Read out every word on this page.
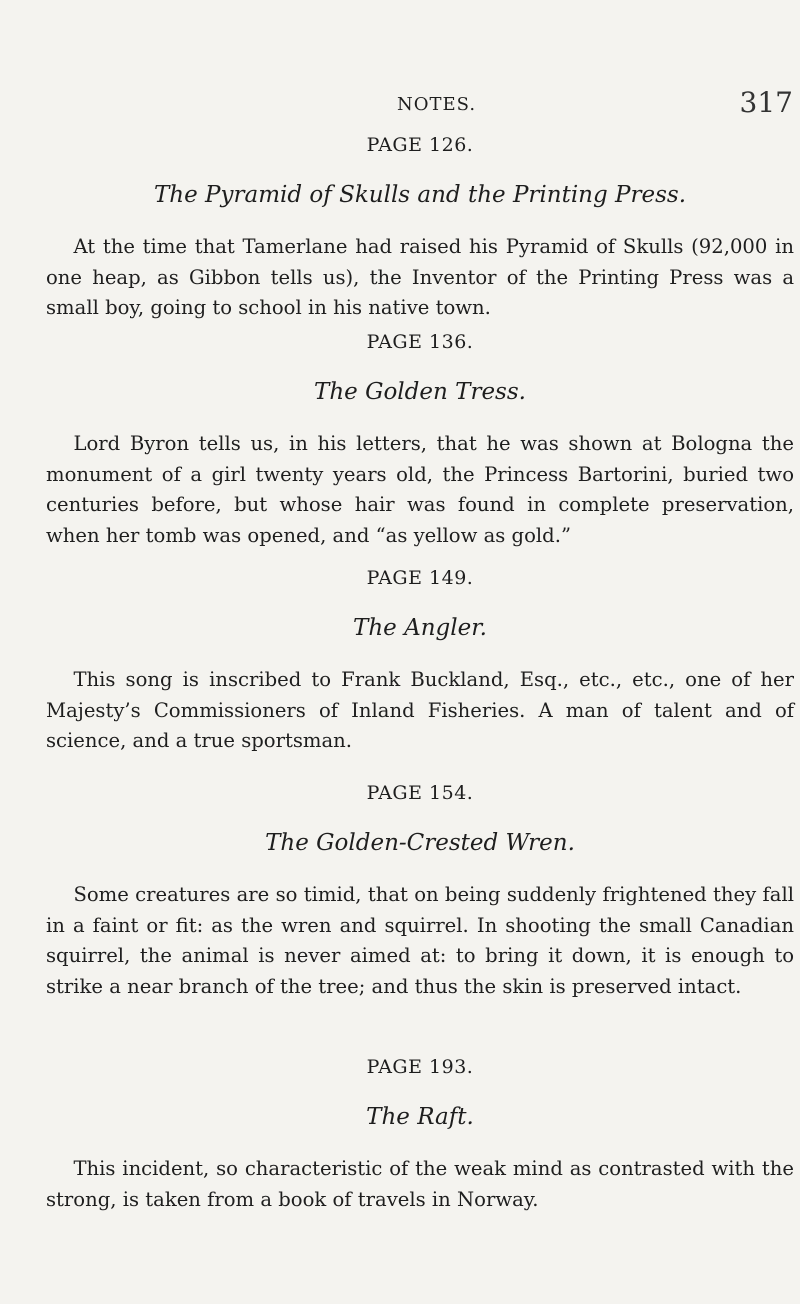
NOTES.	317
PAGE 126.
The Pyramid of Skulls and the Printing Press.
At the time that Tamerlane had raised his Pyramid of Skulls (92,000 in one heap, as Gibbon tells us), the Inventor of the Printing Press was a small boy, going to school in his native town.
PAGE 136.
The Golden Tress.
Lord Byron tells us, in his letters, that he was shown at Bologna the monument of a girl twenty years old, the Princess Bartorini, buried two centuries before, but whose hair was found in complete preservation, when her tomb was opened, and “as yellow as gold.”
PAGE 149.
The Angler.
This song is inscribed to Frank Buckland, Esq., etc., etc., one of her Majesty’s Commissioners of Inland Fisheries. A man of talent and of science, and a true sportsman.
PAGE 154.
The Golden-Crested Wren.
Some creatures are so timid, that on being suddenly frightened they fall in a faint or fit: as the wren and squirrel. In shooting the small Canadian squirrel, the animal is never aimed at: to bring it down, it is enough to strike a near branch of the tree; and thus the skin is preserved intact.
PAGE 193.
The Raft.
This incident, so characteristic of the weak mind as contrasted with the strong, is taken from a book of travels in Norway.
